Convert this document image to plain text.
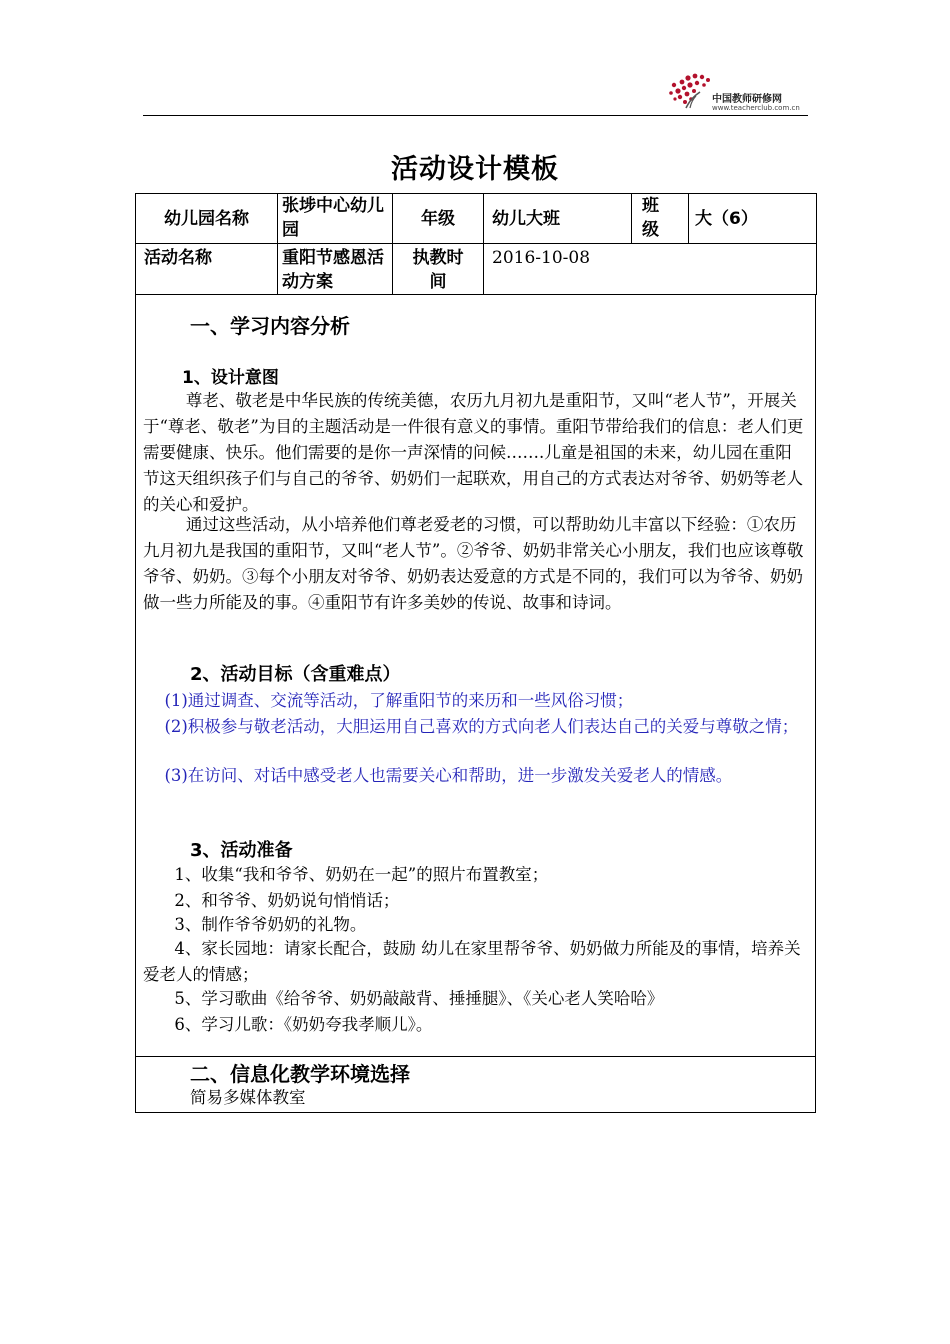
中国教师研修网
www.teacherclub.com.cn
活动设计模板
幼儿园名称	张埗中心幼儿园	年级	幼儿大班	班级	大（6）
活动名称	重阳节感恩活动方案	执教时间	2016-10-08		
一、学习内容分析
1、设计意图

尊老、敬老是中华民族的传统美德，农历九月初九是重阳节，又叫“老人节”，开展关于“尊老、敬老”为目的主题活动是一件很有意义的事情。重阳节带给我们的信息：老人们更需要健康、快乐。他们需要的是你一声深情的问候…….儿童是祖国的未来，幼儿园在重阳节这天组织孩子们与自己的爷爷、奶奶们一起联欢，用自己的方式表达对爷爷、奶奶等老人的关心和爱护。

通过这些活动，从小培养他们尊老爱老的习惯，可以帮助幼儿丰富以下经验：①农历九月初九是我国的重阳节，又叫“老人节”。②爷爷、奶奶非常关心小朋友，我们也应该尊敬爷爷、奶奶。③每个小朋友对爷爷、奶奶表达爱意的方式是不同的，我们可以为爷爷、奶奶做一些力所能及的事。④重阳节有许多美妙的传说、故事和诗词。

2、活动目标（含重难点）

(1)通过调查、交流等活动，了解重阳节的来历和一些风俗习惯；

(2)积极参与敬老活动，大胆运用自己喜欢的方式向老人们表达自己的关爱与尊敬之情；

(3)在访问、对话中感受老人也需要关心和帮助，进一步激发关爱老人的情感。

3、活动准备

1、收集“我和爷爷、奶奶在一起”的照片布置教室；

2、和爷爷、奶奶说句悄悄话；

3、制作爷爷奶奶的礼物。

4、家长园地：请家长配合，鼓励 幼儿在家里帮爷爷、奶奶做力所能及的事情，培养关爱老人的情感；

5、学习歌曲《给爷爷、奶奶敲敲背、捶捶腿》、《关心老人笑哈哈》

6、学习儿歌：《奶奶夸我孝顺儿》。

二、信息化教学环境选择

简易多媒体教室
